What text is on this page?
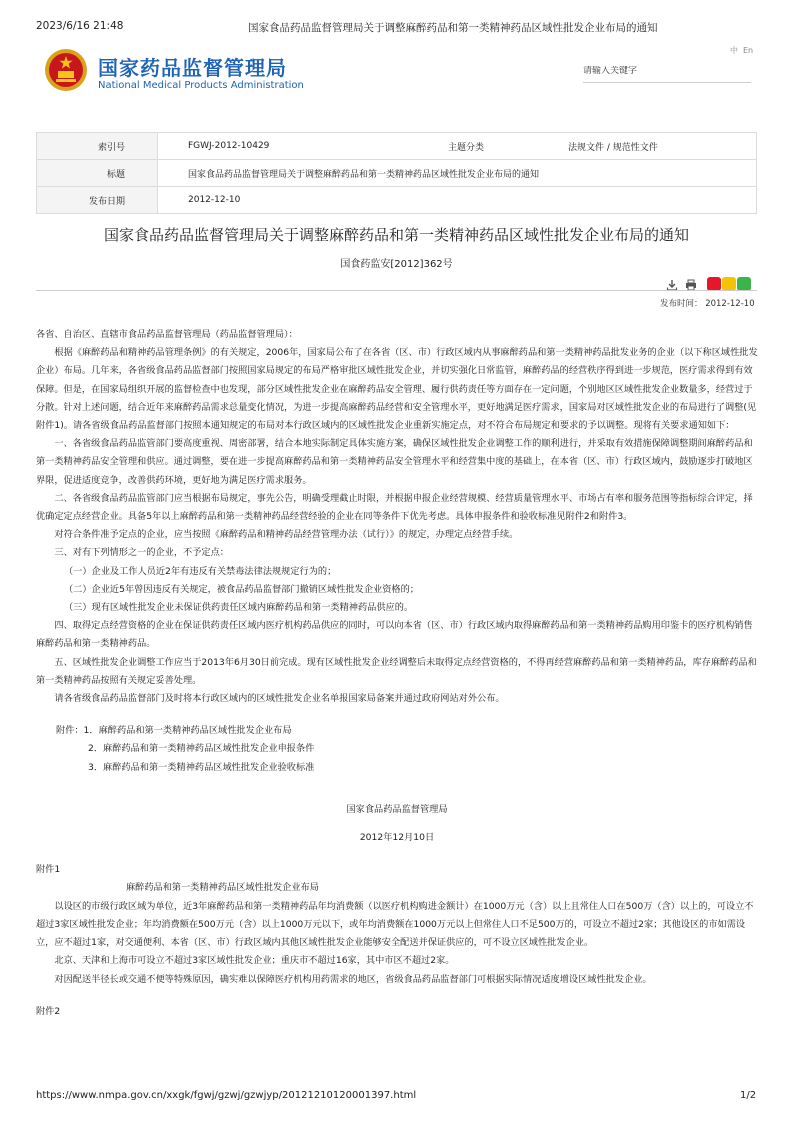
2023/6/16 21:48	国家食品药品监督管理局关于调整麻醉药品和第一类精神药品区域性批发企业布局的通知
国家药品监督管理局
National Medical Products Administration
中 En
请输入关键字
索引号	FGWJ-2012-10429	主题分类	法规文件 / 规范性文件
标题	国家食品药品监督管理局关于调整麻醉药品和第一类精神药品区域性批发企业布局的通知		
发布日期	2012-12-10		
国家食品药品监督管理局关于调整麻醉药品和第一类精神药品区域性批发企业布局的通知
国食药监安[2012]362号

发布时间： 2012-12-10

各省、自治区、直辖市食品药品监督管理局（药品监督管理局）：

根据《麻醉药品和精神药品管理条例》的有关规定，2006年，国家局公布了在各省（区、市）行政区域内从事麻醉药品和第一类精神药品批发业务的企业（以下称区域性批发企业）布局。几年来，各省级食品药品监督部门按照国家局规定的布局严格审批区域性批发企业，并切实强化日常监管，麻醉药品的经营秩序得到进一步规范，医疗需求得到有效保障。但是，在国家局组织开展的监督检查中也发现，部分区域性批发企业在麻醉药品安全管理、履行供药责任等方面存在一定问题，个别地区区域性批发企业数量多，经营过于分散。针对上述问题，结合近年来麻醉药品需求总量变化情况，为进一步提高麻醉药品经营和安全管理水平，更好地满足医疗需求，国家局对区域性批发企业的布局进行了调整(见附件1)。请各省级食品药品监督部门按照本通知规定的布局对本行政区域内的区域性批发企业重新实施定点，对不符合布局规定和要求的予以调整。现将有关要求通知如下：

一、各省级食品药品监管部门要高度重视、周密部署，结合本地实际制定具体实施方案，确保区域性批发企业调整工作的顺利进行，并采取有效措施保障调整期间麻醉药品和第一类精神药品安全管理和供应。通过调整，要在进一步提高麻醉药品和第一类精神药品安全管理水平和经营集中度的基础上，在本省（区、市）行政区域内，鼓励逐步打破地区界限，促进适度竞争，改善供药环境，更好地为满足医疗需求服务。

二、各省级食品药品监管部门应当根据布局规定，事先公告，明确受理截止时限，并根据申报企业经营规模、经营质量管理水平、市场占有率和服务范围等指标综合评定，择优确定定点经营企业。具备5年以上麻醉药品和第一类精神药品经营经验的企业在同等条件下优先考虑。具体申报条件和验收标准见附件2和附件3。

对符合条件准予定点的企业，应当按照《麻醉药品和精神药品经营管理办法（试行）》的规定，办理定点经营手续。

三、对有下列情形之一的企业，不予定点：

（一）企业及工作人员近2年有违反有关禁毒法律法规规定行为的；

（二）企业近5年曾因违反有关规定，被食品药品监督部门撤销区域性批发企业资格的；

（三）现有区域性批发企业未保证供药责任区域内麻醉药品和第一类精神药品供应的。

四、取得定点经营资格的企业在保证供药责任区域内医疗机构药品供应的同时，可以向本省（区、市）行政区域内取得麻醉药品和第一类精神药品购用印鉴卡的医疗机构销售麻醉药品和第一类精神药品。

五、区域性批发企业调整工作应当于2013年6月30日前完成。现有区域性批发企业经调整后未取得定点经营资格的，不得再经营麻醉药品和第一类精神药品，库存麻醉药品和第一类精神药品按照有关规定妥善处理。

请各省级食品药品监督部门及时将本行政区域内的区域性批发企业名单报国家局备案并通过政府网站对外公布。

附件：1．麻醉药品和第一类精神药品区域性批发企业布局

2．麻醉药品和第一类精神药品区域性批发企业申报条件

3．麻醉药品和第一类精神药品区域性批发企业验收标准

国家食品药品监督管理局

2012年12月10日

附件1

麻醉药品和第一类精神药品区域性批发企业布局

以设区的市级行政区域为单位，近3年麻醉药品和第一类精神药品年均消费额（以医疗机构购进金额计）在1000万元（含）以上且常住人口在500万（含）以上的，可设立不超过3家区域性批发企业；年均消费额在500万元（含）以上1000万元以下，或年均消费额在1000万元以上但常住人口不足500万的，可设立不超过2家；其他设区的市如需设立，应不超过1家，对交通便利、本省（区、市）行政区域内其他区域性批发企业能够安全配送并保证供应的，可不设立区域性批发企业。

北京、天津和上海市可设立不超过3家区域性批发企业；重庆市不超过16家，其中市区不超过2家。

对因配送半径长或交通不便等特殊原因，确实难以保障医疗机构用药需求的地区，省级食品药品监督部门可根据实际情况适度增设区域性批发企业。

附件2

https://www.nmpa.gov.cn/xxgk/fgwj/gzwj/gzwjyp/20121210120001397.html	1/2
